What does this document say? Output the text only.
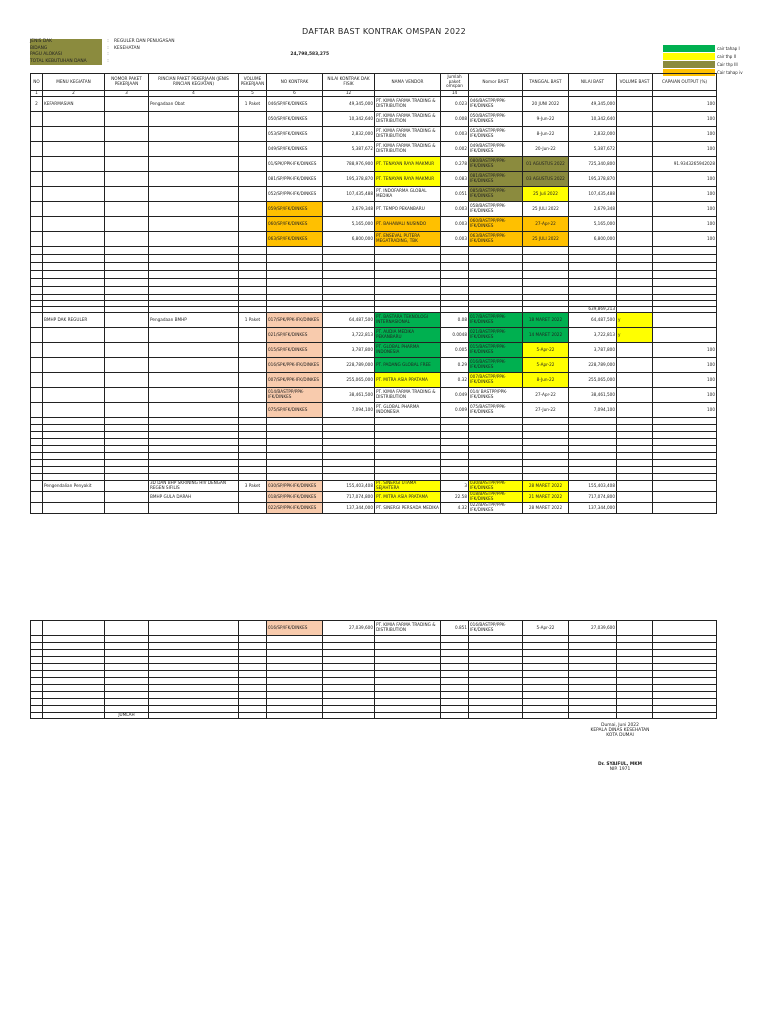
DAFTAR BAST KONTRAK OMSPAN 2022
JENIS DAK	:	REGULER DAN PENUGASAN
BIDANG	:	KESEHATAN
PAGU ALOKASI	:	24,798,583,275
TOTAL KEBUTUHAN DANA	:
cair tahap I
cair thp II
Cair thp III
Cair tahap iv
NO	MENU KEGIATAN	NOMOR PAKET PEKERJAAN	RINCIAN PAKET PEKERJAAN (JENIS RINCIAN KEGIATAN)	VOLUME PEKERJAAN	NO KONTRAK	NILAI KONTRAK DAK FISIK	NAMA VENDOR	Jumlah paket omspan	Nomor BAST	TANGGAL BAST	NILAI BAST	VOLUME BAST	CAPAIAN OUTPUT (%)
1	2	3	4	5	6	12		14					
2	KEFARMASIAN		Pengadaan Obat	1 Paket	046/SP/IFK/DINKES	49,345,000	PT. KIMIA FARMA TRADING & DISTRIBUTION	0.023	046/BASTPP/PPK-IFK/DINKES	20 JUNI 2022	49,345,000		100
					050/SP/IFK/DINKES	10,342,640	PT. KIMIA FARMA TRADING & DISTRIBUTION	0.008	050/BASTPP/PPK-IFK/DINKES	9-Jun-22	10,342,640		100
					053/SP/IFK/DINKES	2,832,000	PT. KIMIA FARMA TRADING & DISTRIBUTION	0.003	053/BASTPP/PPK-IFK/DINKES	8-Jun-22	2,832,000		100
					049/SP/IFK/DINKES	5,387,672	PT. KIMIA FARMA TRADING & DISTRIBUTION	0.002	049/BASTPP/PPK-IFK/DINKES	20-Jun-22	5,387,672		100
					01/SPK/PPK-IFK/DINKES	788,976,900	PT. TENAYAN RAYA MAKMUR	0.278	080/BASTPP/PPK-IFK/DINKES	01 AGUSTUS 2022	725,340,800		91.9343265942028
					081/SP/PPK-IFK/DINKES	195,378,870	PT. TENAYAN RAYA MAKMUR	0.083	081/BASTPP/PPK-IFK/DINKES	03 AGUSTUS 2022	195,378,870		100
					052/SP/PPK-IFK/DINKES	107,435,488	PT. INDOFARMA GLOBAL MEDIKA	0.051	085/BASTPP/PPK-IFK/DINKES	25 Juli 2022	107,435,488		100
					059/SP/IFK/DINKES	2,679,348	PT. TEMPO PEKANBARU	0.003	058/BASTPP/PPK-IFK/DINKES	25 JULI 2022	2,679,348		100
					060/SP/IFK/DINKES	5,165,000	PT. BAHAWALI NUSINDO	0.003	060/BASTPP/PPK-IFK/DINKES	27-Apr-22	5,165,000		100
					063/SP/IFK/DINKES	6,800,000	PT. ENSEVAL PUTERA MEGATRADING, TBK	0.003	063/BASTPP/PPK-IFK/DINKES	25 JULI 2022	6,800,000		100

											639,869,213		
	BMHP DAK REGULER		Pengadaan BMHP	1 Paket	017/SPK/PPK-IFK/DINKES	64,487,500	PT. BASTARA TEKNOLOGI INTERNASIONAL	0.08	017/BASTPP/PPK-IFK/DINKES	18 MARET 2022	64,487,500	y	
					021/SP/IFK/DINKES	3,722,813	PT. AUDIA MEDIKA PEKANBARU	0.0048	021/BASTPP/PPK-IFK/DINKES	14 MARET 2022	3,722,813	y	
					015/SP/IFK/DINKES	3,787,800	PT. GLOBAL PHARMA INDONESIA	0.005	015/BASTPP/PPK-IFK/DINKES	5-Apr-22	3,787,800		100
					016/SPK/PPK-IFK/DINKES	228,789,000	PT. PADANG GLOBAL FREE	0.29	016/BASTPP/PPK-IFK/DINKES	5-Apr-22	228,789,000		100
					007/SPK/PPK-IFK/DINKES	255,065,000	PT. MITRA ASIA PRATAMA	0.32	007/BASTPP/PPK-IFK/DINKES	8-Jun-22	255,065,000		100
					014/BASTPP/PPK-IFK/DINKES	38,461,500	PT. KIMIA FARMA TRADING & DISTRIBUTION	0.049	014/ BASTPP/PPK-IFK/DINKES	27-Apr-22	38,461,500		100
					075/SP/IFK/DINKES	7,094,100	PT. GLOBAL PHARMA INDONESIA	0.009	075/BASTPP/PPK-IFK/DINKES	27-Jun-22	7,094,100		100

	Pengendalian Penyakit		3D DAN BHP SKRINING HIV DENGAN REGEN SIFILIS	3 Paket	030/SP/PPK-IFK/DINKES	155,403,408	PT. SINERGI UTAMA SEJAHTERA	3	030/BASTPP/PPK-IFK/DINKES	28 MARET 2022	155,403,408		
			BMHP GULA DARAH		018/SP/PPK-IFK/DINKES	717,074,800	PT. MITRA ASIA PRATAMA	22.58	018/BASTPP/PPK-IFK/DINKES	21 MARET 2022	717,074,800		
					022/SP/PPK-IFK/DINKES	137,344,000	PT. SINERGI PERSADA MEDIKA	4.32	022/BASTPP/PPK-IFK/DINKES	28 MARET 2022	137,344,000		
					016/SP/IFK/DINKES	27,039,600	PT. KIMIA FARMA TRADING & DISTRIBUTION	0.851	016/BASTPP/PPK-IFK/DINKES	5-Apr-22	27,039,600		

		JUMLAH											
Dumai, Juni 2022
KEPALA DINAS KESEHATAN
KOTA DUMAI
Dr. SYAIFUL, MKM
NIP. 1971
